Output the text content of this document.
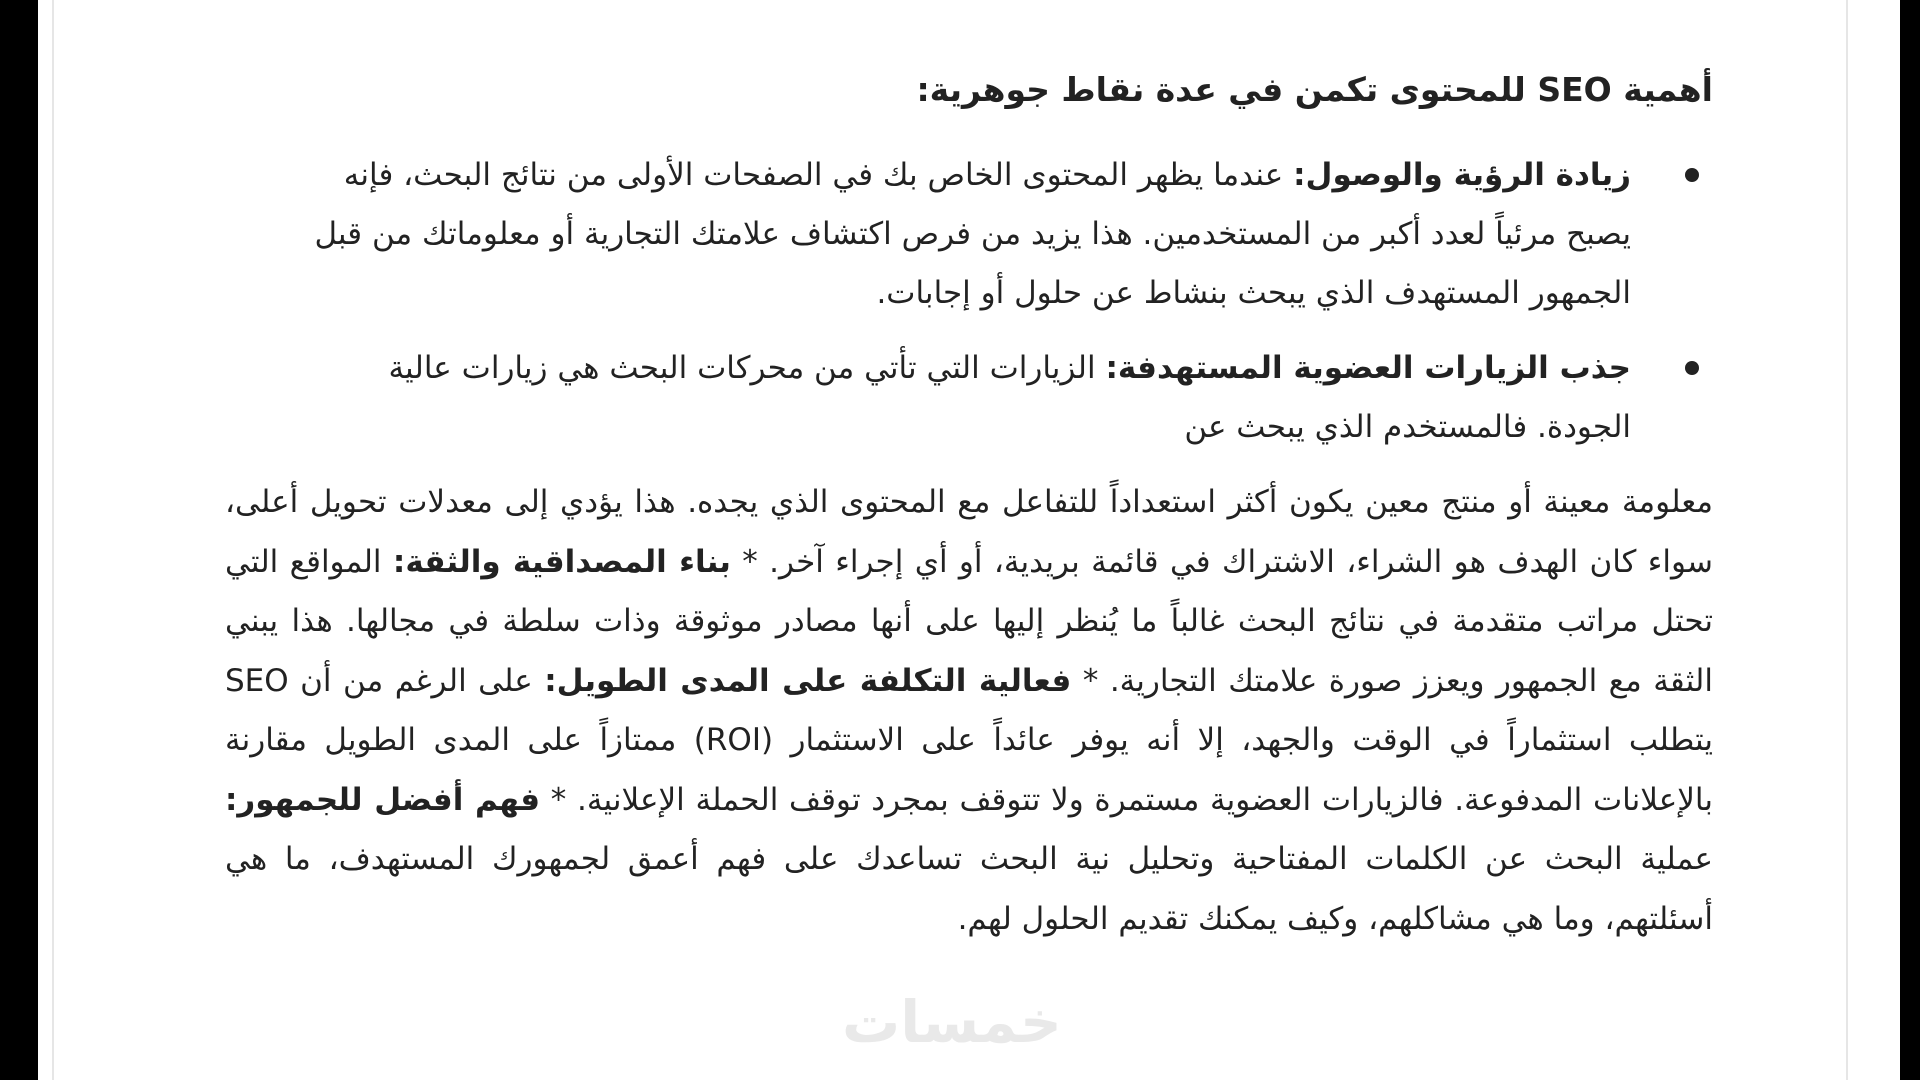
أهمية SEO للمحتوى تكمن في عدة نقاط جوهرية:

زيادة الرؤية والوصول: عندما يظهر المحتوى الخاص بك في الصفحات الأولى من نتائج البحث، فإنه يصبح مرئياً لعدد أكبر من المستخدمين. هذا يزيد من فرص اكتشاف علامتك التجارية أو معلوماتك من قبل الجمهور المستهدف الذي يبحث بنشاط عن حلول أو إجابات.
جذب الزيارات العضوية المستهدفة: الزيارات التي تأتي من محركات البحث هي زيارات عالية الجودة. فالمستخدم الذي يبحث عن

معلومة معينة أو منتج معين يكون أكثر استعداداً للتفاعل مع المحتوى الذي يجده. هذا يؤدي إلى معدلات تحويل أعلى، سواء كان الهدف هو الشراء، الاشتراك في قائمة بريدية، أو أي إجراء آخر. * بناء المصداقية والثقة: المواقع التي تحتل مراتب متقدمة في نتائج البحث غالباً ما يُنظر إليها على أنها مصادر موثوقة وذات سلطة في مجالها. هذا يبني الثقة مع الجمهور ويعزز صورة علامتك التجارية. * فعالية التكلفة على المدى الطويل: على الرغم من أن SEO يتطلب استثماراً في الوقت والجهد، إلا أنه يوفر عائداً على الاستثمار (ROI) ممتازاً على المدى الطويل مقارنة بالإعلانات المدفوعة. فالزيارات العضوية مستمرة ولا تتوقف بمجرد توقف الحملة الإعلانية. * فهم أفضل للجمهور: عملية البحث عن الكلمات المفتاحية وتحليل نية البحث تساعدك على فهم أعمق لجمهورك المستهدف، ما هي أسئلتهم، وما هي مشاكلهم، وكيف يمكنك تقديم الحلول لهم.

خمسات
